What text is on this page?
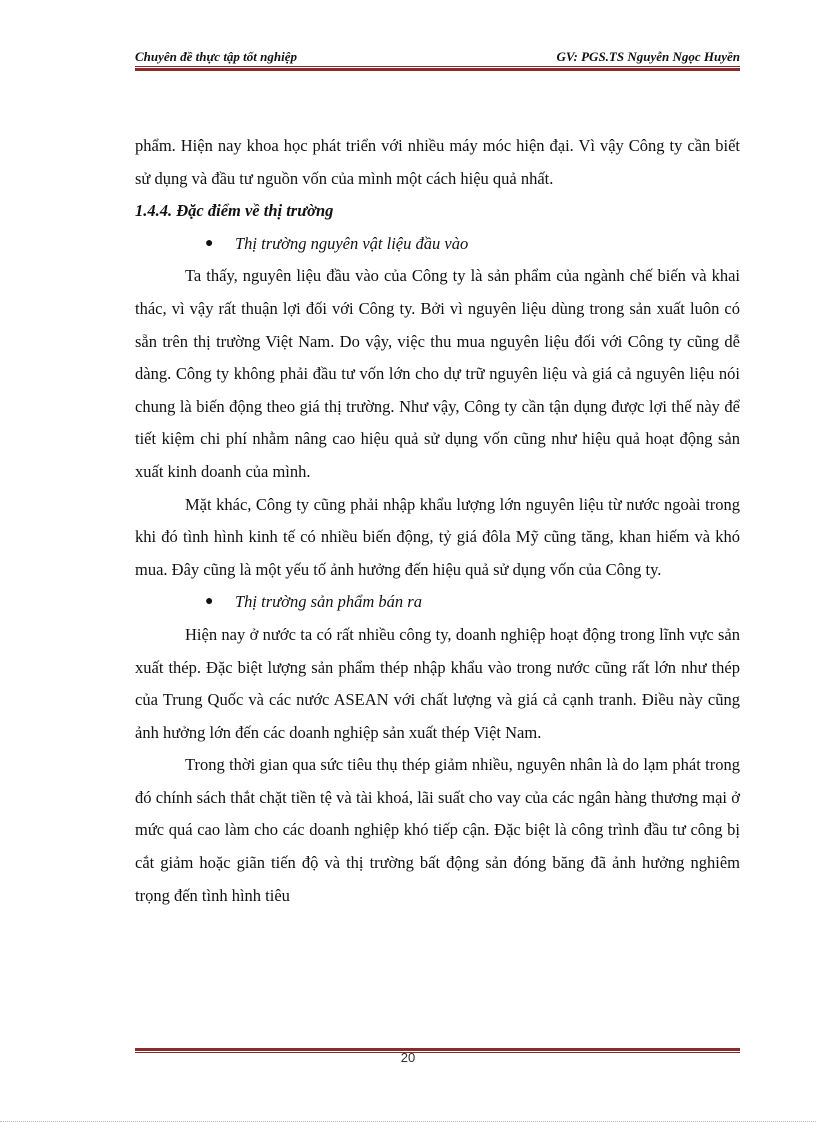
Chuyên đề thực tập tốt nghiệp	GV: PGS.TS Nguyễn Ngọc Huyền

phẩm. Hiện nay khoa học phát triển với nhiều máy móc hiện đại. Vì vậy Công ty cần biết sử dụng và đầu tư nguồn vốn của mình một cách hiệu quả nhất.

1.4.4. Đặc điểm về thị trường

● Thị trường nguyên vật liệu đầu vào

Ta thấy, nguyên liệu đầu vào của Công ty là sản phẩm của ngành chế biến và khai thác, vì vậy rất thuận lợi đối với Công ty. Bởi vì nguyên liệu dùng trong sản xuất luôn có sẵn trên thị trường Việt Nam. Do vậy, việc thu mua nguyên liệu đối với Công ty cũng dễ dàng. Công ty không phải đầu tư vốn lớn cho dự trữ nguyên liệu và giá cả nguyên liệu nói chung là biến động theo giá thị trường. Như vậy, Công ty cần tận dụng được lợi thế này để tiết kiệm chi phí nhằm nâng cao hiệu quả sử dụng vốn cũng như hiệu quả hoạt động sản xuất kinh doanh của mình.

Mặt khác, Công ty cũng phải nhập khẩu lượng lớn nguyên liệu từ nước ngoài trong khi đó tình hình kinh tế có nhiều biến động, tỷ giá đôla Mỹ cũng tăng, khan hiếm và khó mua. Đây cũng là một yếu tố ảnh hưởng đến hiệu quả sử dụng vốn của Công ty.

● Thị trường sản phẩm bán ra

Hiện nay ở nước ta có rất nhiều công ty, doanh nghiệp hoạt động trong lĩnh vực sản xuất thép. Đặc biệt lượng sản phẩm thép nhập khẩu vào trong nước cũng rất lớn như thép của Trung Quốc và các nước ASEAN với chất lượng và giá cả cạnh tranh. Điều này cũng ảnh hưởng lớn đến các doanh nghiệp sản xuất thép Việt Nam.

Trong thời gian qua sức tiêu thụ thép giảm nhiều, nguyên nhân là do lạm phát trong đó chính sách thắt chặt tiền tệ và tài khoá, lãi suất cho vay của các ngân hàng thương mại ở mức quá cao làm cho các doanh nghiệp khó tiếp cận. Đặc biệt là công trình đầu tư công bị cắt giảm hoặc giãn tiến độ và thị trường bất động sản đóng băng đã ảnh hưởng nghiêm trọng đến tình hình tiêu

20
